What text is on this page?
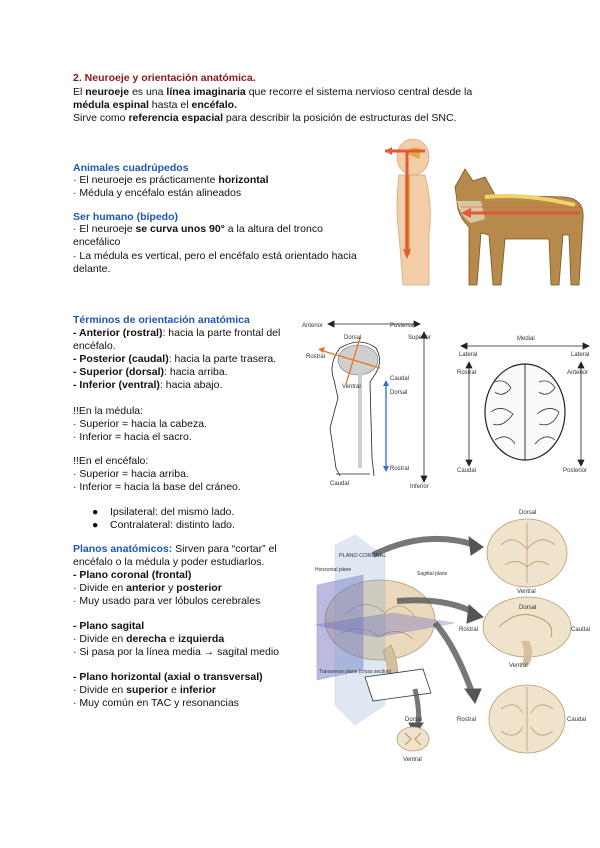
2. Neuroeje y orientación anatómica.
El neuroeje es una línea imaginaria que recorre el sistema nervioso central desde la
médula espinal hasta el encéfalo.
Sirve como referencia espacial para describir la posición de estructuras del SNC.
Animales cuadrúpedos
· El neuroeje es prácticamente horizontal
· Médula y encéfalo están alineados
Ser humano (bípedo)
· El neuroeje se curva unos 90° a la altura del tronco
encefálico
· La médula es vertical, pero el encéfalo está orientado hacia
delante.
Términos de orientación anatómica
- Anterior (rostral): hacia la parte frontal del
encéfalo.
- Posterior (caudal): hacia la parte trasera.
- Superior (dorsal): hacia arriba.
- Inferior (ventral): hacia abajo.
!!En la médula:
· Superior = hacia la cabeza.
· Inferior = hacia el sacro.
!!En el encéfalo:
· Superior = hacia arriba.
· Inferior = hacia la base del cráneo.
●    Ipsilateral: del mismo lado.
●    Contralateral: distinto lado.
Anterior	Posterior
Superior
Dorsal
Rostral
Caudal
Ventral
Dorsal
Inferior
Rostral
Caudal
Medial
Lateral	Lateral
Rostral	Anterior
Caudal	Posterior
Planos anatómicos: Sirven para “cortar” el
encéfalo o la médula y poder estudiarlos.
- Plano coronal (frontal)
· Divide en anterior y posterior
· Muy usado para ver lóbulos cerebrales
- Plano sagital
· Divide en derecha e izquierda
· Si pasa por la línea media → sagital medio
- Plano horizontal (axial o transversal)
· Divide en superior e inferior
· Muy común en TAC y resonancias
PLANO CORONAL
Horizontal plane
Sagittal plane
Transverse plane (cross section)
Dorsal
Ventral
Rostral	Caudal
Dorsal
Ventral
Rostral	Caudal
Dorsal
Ventral
